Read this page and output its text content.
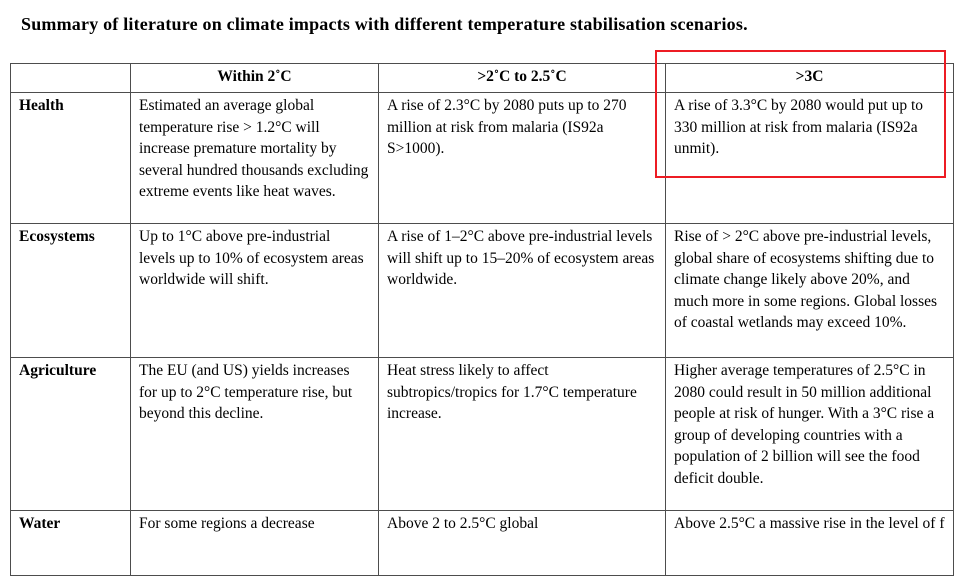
Summary of literature on climate impacts with different temperature stabilisation scenarios.
	Within 2˚C	>2˚C to 2.5˚C	>3C
Health	Estimated an average global temperature rise > 1.2°C will increase premature mortality by several hundred thousands excluding extreme events like heat waves.	A rise of 2.3°C by 2080 puts up to 270 million at risk from malaria (IS92a S>1000).	A rise of 3.3°C by 2080 would put up to 330 million at risk from malaria (IS92a unmit).
Ecosystems	Up to 1°C above pre-industrial levels up to 10% of ecosystem areas worldwide will shift.	A rise of 1–2°C above pre-industrial levels will shift up to 15–20% of ecosystem areas worldwide.	Rise of > 2°C above pre-industrial levels, global share of ecosystems shifting due to climate change likely above 20%, and much more in some regions. Global losses of coastal wetlands may exceed 10%.
Agriculture	The EU (and US) yields increases for up to 2°C temperature rise, but beyond this decline.	Heat stress likely to affect subtropics/tropics for 1.7°C temperature increase.	Higher average temperatures of 2.5°C in 2080 could result in 50 million additional people at risk of hunger. With a 3°C rise a group of developing countries with a population of 2 billion will see the food deficit double.
Water	For some regions a decrease	Above 2 to 2.5°C global	Above 2.5°C a massive rise in the level of f
